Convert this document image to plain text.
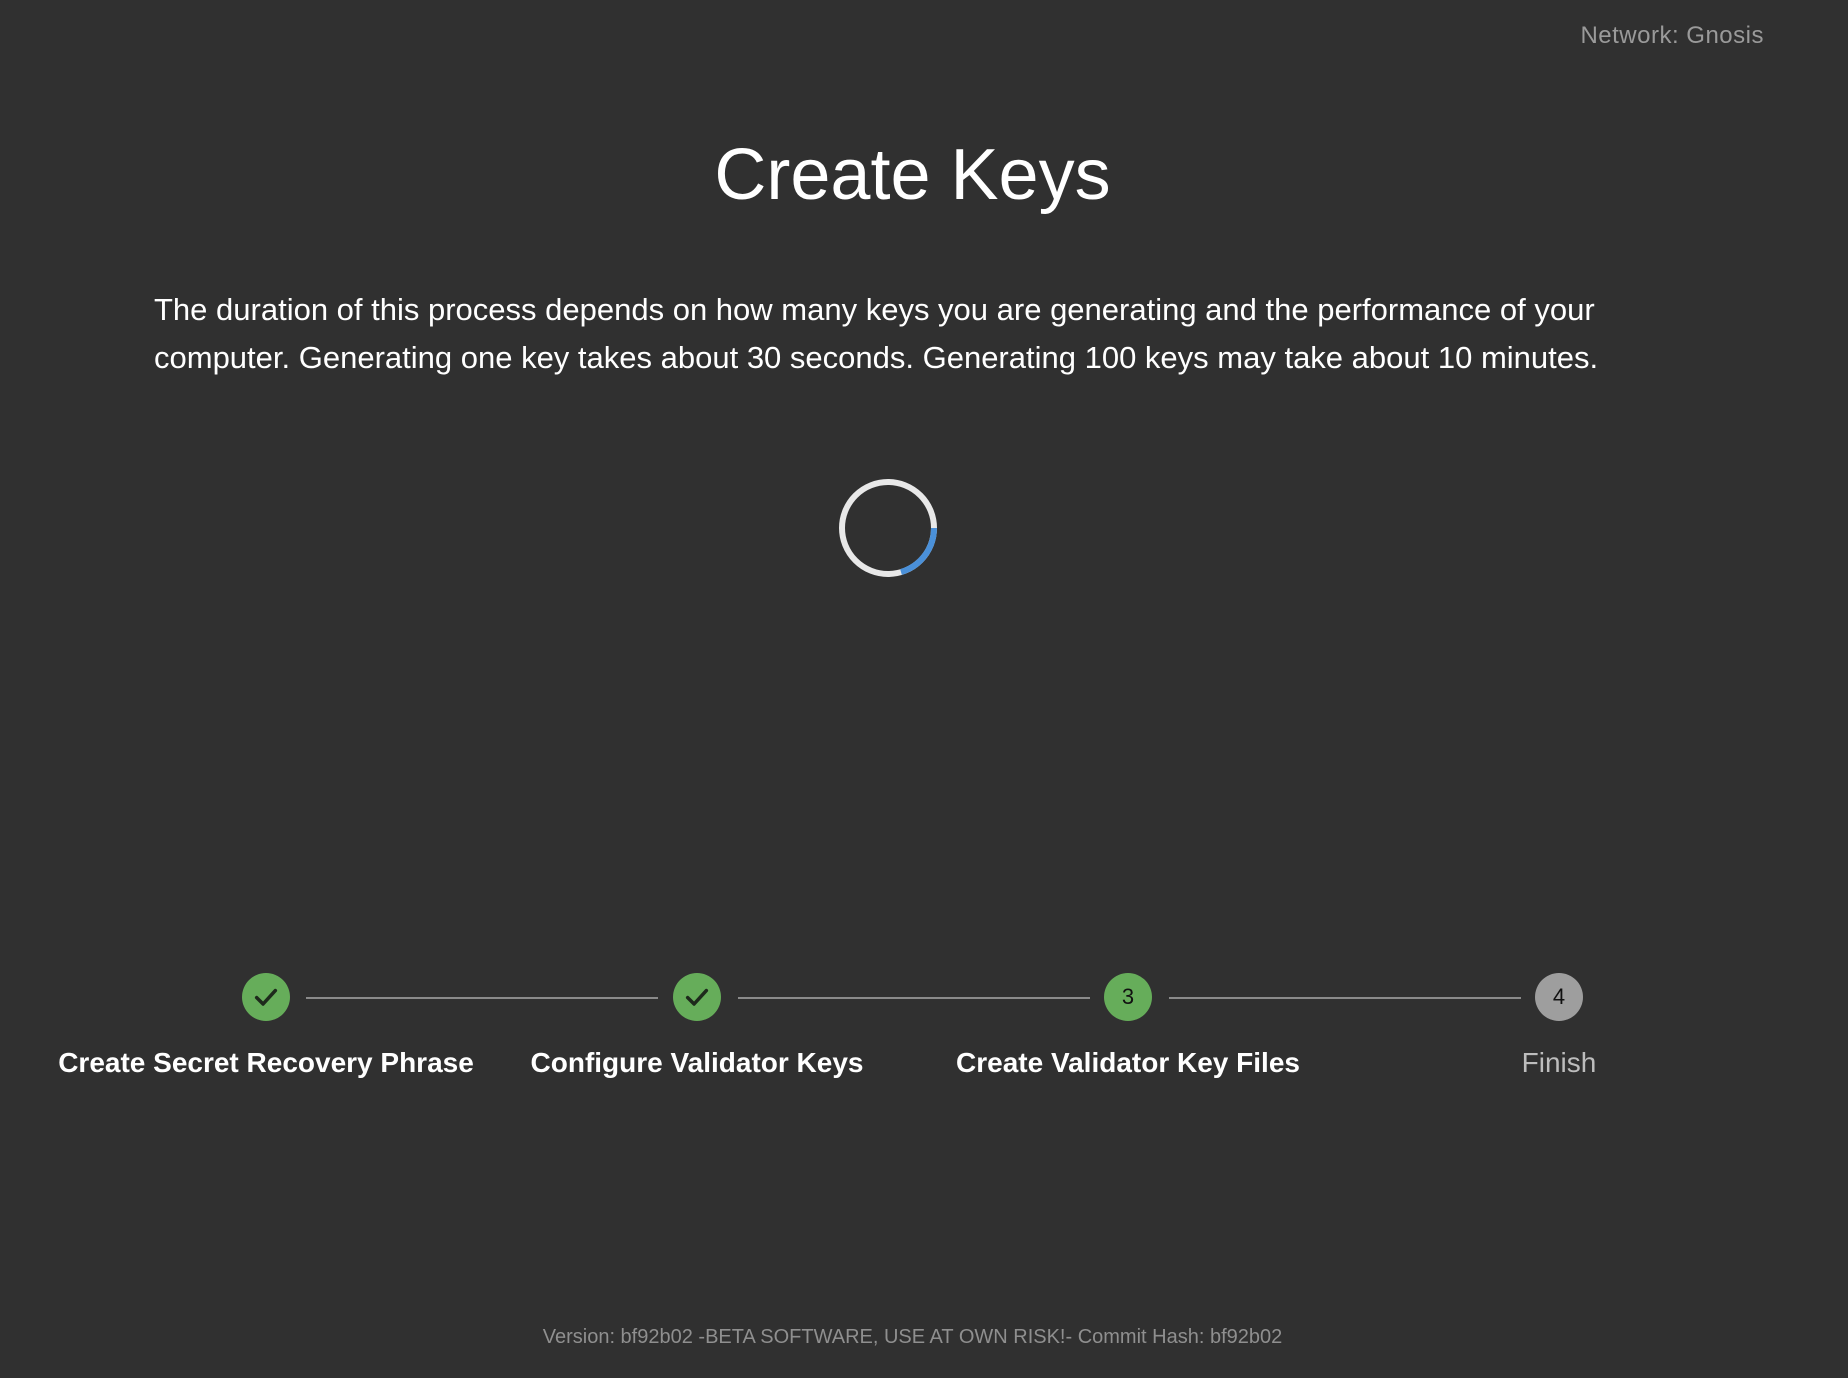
Network: Gnosis
Create Keys

The duration of this process depends on how many keys you are generating and the performance of your computer. Generating one key takes about 30 seconds. Generating 100 keys may take about 10 minutes.

Create Secret Recovery Phrase	Configure Validator Keys
3
Create Validator Key Files
4
Finish
Version: bf92b02 -BETA SOFTWARE, USE AT OWN RISK!- Commit Hash: bf92b02
